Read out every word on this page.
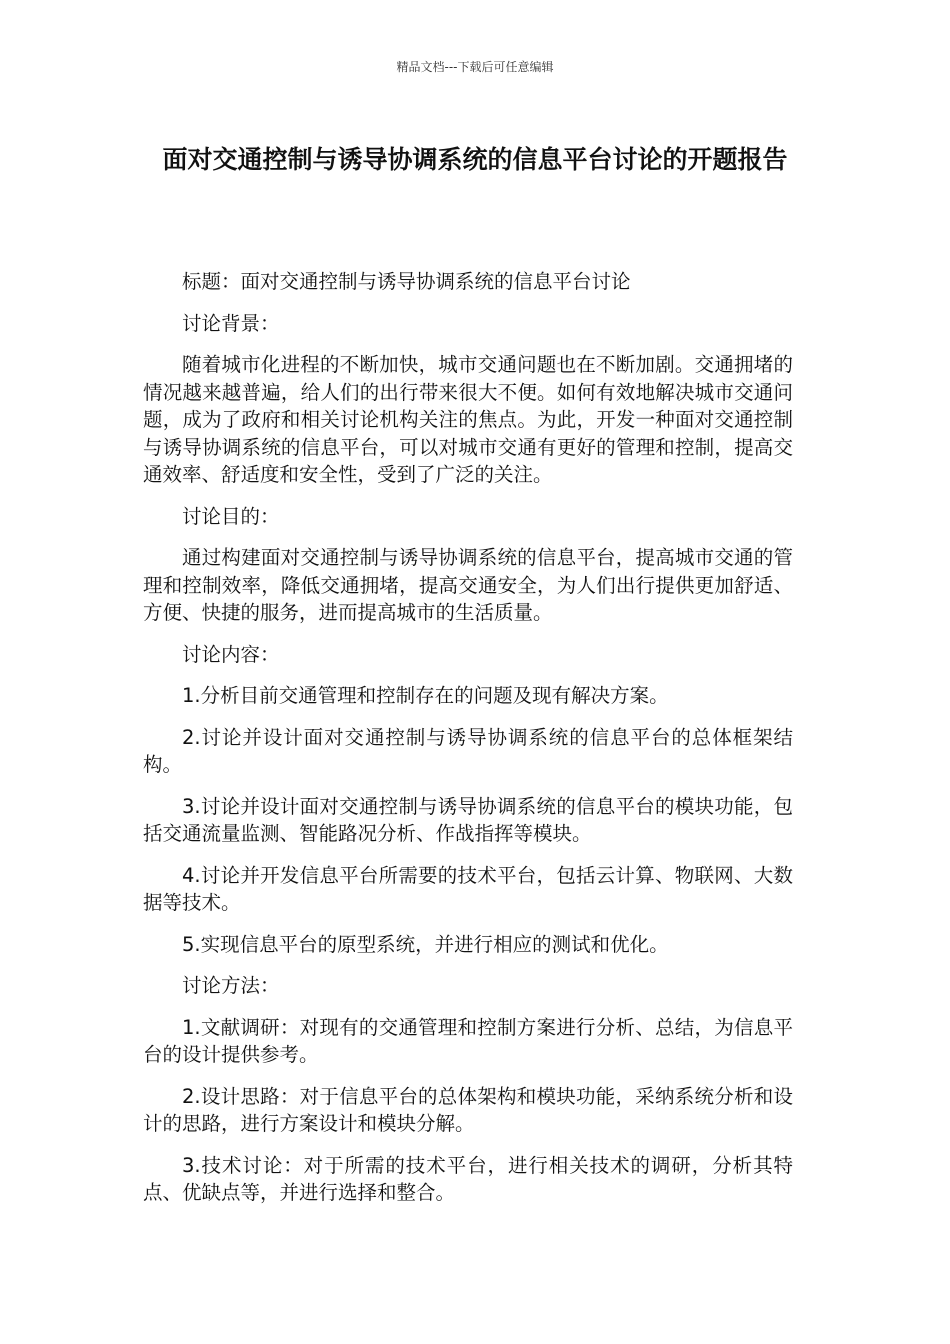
精品文档---下载后可任意编辑
面对交通控制与诱导协调系统的信息平台讨论的开题报告

标题：面对交通控制与诱导协调系统的信息平台讨论

讨论背景：

随着城市化进程的不断加快，城市交通问题也在不断加剧。交通拥堵的情况越来越普遍，给人们的出行带来很大不便。如何有效地解决城市交通问题，成为了政府和相关讨论机构关注的焦点。为此，开发一种面对交通控制与诱导协调系统的信息平台，可以对城市交通有更好的管理和控制，提高交通效率、舒适度和安全性，受到了广泛的关注。

讨论目的：

通过构建面对交通控制与诱导协调系统的信息平台，提高城市交通的管理和控制效率，降低交通拥堵，提高交通安全，为人们出行提供更加舒适、方便、快捷的服务，进而提高城市的生活质量。

讨论内容：

1.分析目前交通管理和控制存在的问题及现有解决方案。

2.讨论并设计面对交通控制与诱导协调系统的信息平台的总体框架结构。

3.讨论并设计面对交通控制与诱导协调系统的信息平台的模块功能，包括交通流量监测、智能路况分析、作战指挥等模块。

4.讨论并开发信息平台所需要的技术平台，包括云计算、物联网、大数据等技术。

5.实现信息平台的原型系统，并进行相应的测试和优化。

讨论方法：

1.文献调研：对现有的交通管理和控制方案进行分析、总结，为信息平台的设计提供参考。

2.设计思路：对于信息平台的总体架构和模块功能，采纳系统分析和设计的思路，进行方案设计和模块分解。

3.技术讨论：对于所需的技术平台，进行相关技术的调研，分析其特点、优缺点等，并进行选择和整合。
